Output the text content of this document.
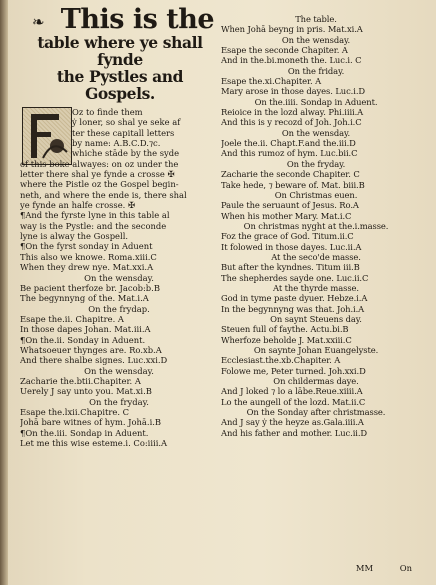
❧ This is the
table where ye shall fynde
the Pystles and
Gospels.
Oz to finde them
ẏ loner, so shal ye seke af
ter these capitall letters
by name: A.B.C.D.⁊c.
whiche stāde by the syde
of this boke alwayes: on oz under the
letter there shal ye fynde a crosse ✠
where the Pistle oz the Gospel begin-
neth, and where the ende is, there shal
ye fynde an halfe crosse. ✠
¶And the fyrste lyne in this table al
way is the Pystle: and the seconde
lyne is alway the Gospell.
¶On the fyrst sonday in Aduent
This also we knowe. Roma.xiii.C
When they drew nye. Mat.xxi.A
On the wensday.
Be pacient therfoze br. Jacob:b.B
The begynnyng of the. Mat.i.A
On the frydap.
Esape the.ii. Chapitre. A
In those dapes Johan. Mat.iii.A
¶On the.ii. Sonday in Aduent.
Whatsoeuer thynges are. Ro.xb.A
And there shalbe signes. Luc.xxi.D
On the wensday.
Zacharie the.btii.Chapiter. A
Uerely J say unto you. Mat.xi.B
On the fryday.
Esape the.lxii.Chapitre. C
Johā bare witnes of hym. Johā.i.B
¶On the.iii. Sondap in Aduent.
Let me this wise esteme.i. Co:iiii.A
The table.
When Johā beyng in pris. Mat.xi.A
On the wensday.
Esape the seconde Chapiter. A
And in the.bi.moneth the. Luc.i. C
On the friday.
Esape the.xi.Chapiter. A
Mary arose in those dayes. Luc.i.D
On the.iiii. Sondap in Aduent.
Reioice in the lozd alway. Phi.iiii.A
And this is y recozd of Joh. Joh.i.C
On the wensday.
Joele the.ii. Chapt.F.and the.iii.D
And this rumoz of hym. Luc.bii.C
On the fryday.
Zacharie the seconde Chapiter. C
Take hede, ⁊ beware of. Mat. biii.B
On Christmas euen.
Paule the seruaunt of Jesus. Ro.A
When his mother Mary. Mat.i.C
On christmas nyght at the.i.masse.
Foz the grace of God. Titum.ii.C
It folowed in those dayes. Luc.ii.A
At the seco'de masse.
But after the kyndnes. Titum iii.B
The shepherdes sayde one. Luc.ii.C
At the thyrde masse.
God in tyme paste dyuer. Hebze.i.A
In the begynnyng was that. Joh.i.A
On saynt Steuens day.
Steuen full of faythe. Actu.bi.B
Wherfoze beholde J. Mat.xxiii.C
On saynte Johan Euangelyste.
Ecclesiast.the.xb.Chapiter. A
Folowe me, Peter turned. Joh.xxi.D
On childermas daye.
And J loked ⁊ lo a lābe.Reue.xiiii.A
Lo the aungell of the lozd. Mat.ii.C
On the Sonday after christmasse.
And J say ẏ the heyze as.Gala.iiii.A
And his father and mother. Luc.ii.D
MM	On
